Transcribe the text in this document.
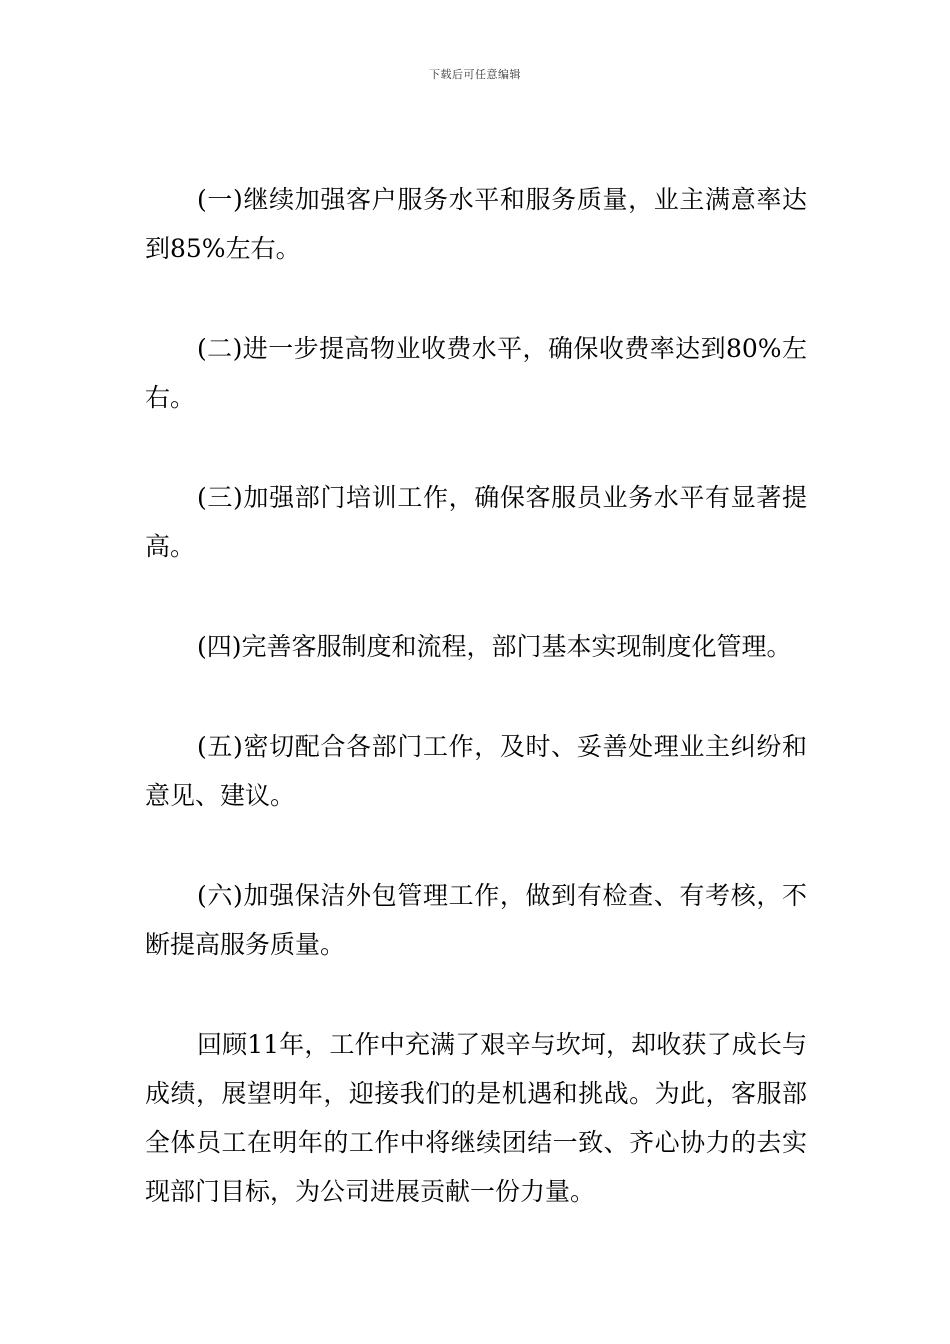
下载后可任意编辑

(一)继续加强客户服务水平和服务质量，业主满意率达到85%左右。

(二)进一步提高物业收费水平，确保收费率达到80%左右。

(三)加强部门培训工作，确保客服员业务水平有显著提高。

(四)完善客服制度和流程，部门基本实现制度化管理。

(五)密切配合各部门工作，及时、妥善处理业主纠纷和意见、建议。

(六)加强保洁外包管理工作，做到有检查、有考核，不断提高服务质量。

回顾11年，工作中充满了艰辛与坎坷，却收获了成长与成绩，展望明年，迎接我们的是机遇和挑战。为此，客服部全体员工在明年的工作中将继续团结一致、齐心协力的去实现部门目标，为公司进展贡献一份力量。
